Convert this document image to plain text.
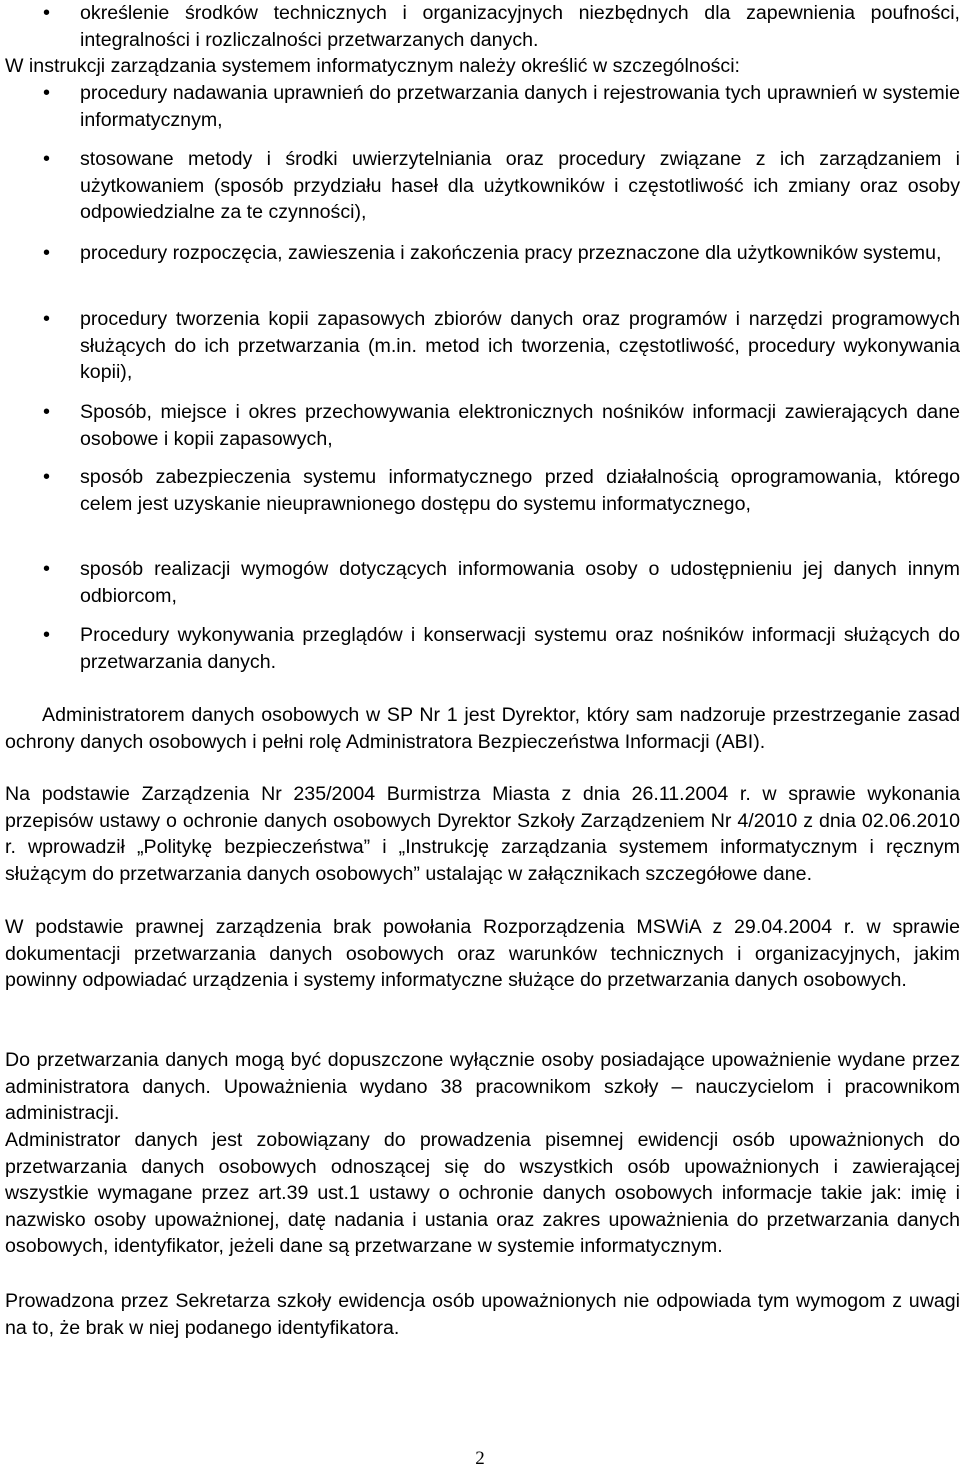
• określenie środków technicznych i organizacyjnych niezbędnych dla zapewnienia poufności, integralności i rozliczalności przetwarzanych danych.
W instrukcji zarządzania systemem informatycznym należy określić w szczególności:
• procedury nadawania uprawnień do przetwarzania danych i rejestrowania tych uprawnień w systemie informatycznym,
• stosowane metody i środki uwierzytelniania oraz procedury związane z ich zarządzaniem i użytkowaniem (sposób przydziału haseł dla użytkowników i częstotliwość ich zmiany oraz osoby odpowiedzialne za te czynności),
• procedury rozpoczęcia, zawieszenia i zakończenia pracy przeznaczone dla użytkowników systemu,
• procedury tworzenia kopii zapasowych zbiorów danych oraz programów i narzędzi programowych służących do ich przetwarzania (m.in. metod ich tworzenia, częstotliwość, procedury wykonywania kopii),
• Sposób, miejsce i okres przechowywania elektronicznych nośników informacji zawierających dane osobowe i kopii zapasowych,
• sposób zabezpieczenia systemu informatycznego przed działalnością oprogramowania, którego celem jest uzyskanie nieuprawnionego dostępu do systemu informatycznego,
• sposób realizacji wymogów dotyczących informowania osoby o udostępnieniu jej danych innym odbiorcom,
• Procedury wykonywania przeglądów i konserwacji systemu oraz nośników informacji służących do przetwarzania danych.
Administratorem danych osobowych w SP Nr 1 jest Dyrektor, który sam nadzoruje przestrzeganie zasad ochrony danych osobowych i pełni rolę Administratora Bezpieczeństwa Informacji (ABI).
Na podstawie Zarządzenia Nr 235/2004 Burmistrza Miasta z dnia 26.11.2004 r. w sprawie wykonania przepisów ustawy o ochronie danych osobowych Dyrektor Szkoły Zarządzeniem Nr 4/2010 z dnia 02.06.2010 r. wprowadził „Politykę bezpieczeństwa” i „Instrukcję zarządzania systemem informatycznym i ręcznym służącym do przetwarzania danych osobowych” ustalając w załącznikach szczegółowe dane.
W podstawie prawnej zarządzenia brak powołania Rozporządzenia MSWiA z 29.04.2004 r. w sprawie dokumentacji przetwarzania danych osobowych oraz warunków technicznych i organizacyjnych, jakim powinny odpowiadać urządzenia i systemy informatyczne służące do przetwarzania danych osobowych.
Do przetwarzania danych mogą być dopuszczone wyłącznie osoby posiadające upoważnienie wydane przez administratora danych. Upoważnienia wydano 38 pracownikom szkoły – nauczycielom i pracownikom administracji.
Administrator danych jest zobowiązany do prowadzenia pisemnej ewidencji osób upoważnionych do przetwarzania danych osobowych odnoszącej się do wszystkich osób upoważnionych i zawierającej wszystkie wymagane przez art.39 ust.1 ustawy o ochronie danych osobowych informacje takie jak: imię i nazwisko osoby upoważnionej, datę nadania i ustania oraz zakres upoważnienia do przetwarzania danych osobowych, identyfikator, jeżeli dane są przetwarzane w systemie informatycznym.
Prowadzona przez Sekretarza szkoły ewidencja osób upoważnionych nie odpowiada tym wymogom z uwagi na to, że brak w niej podanego identyfikatora.
2
